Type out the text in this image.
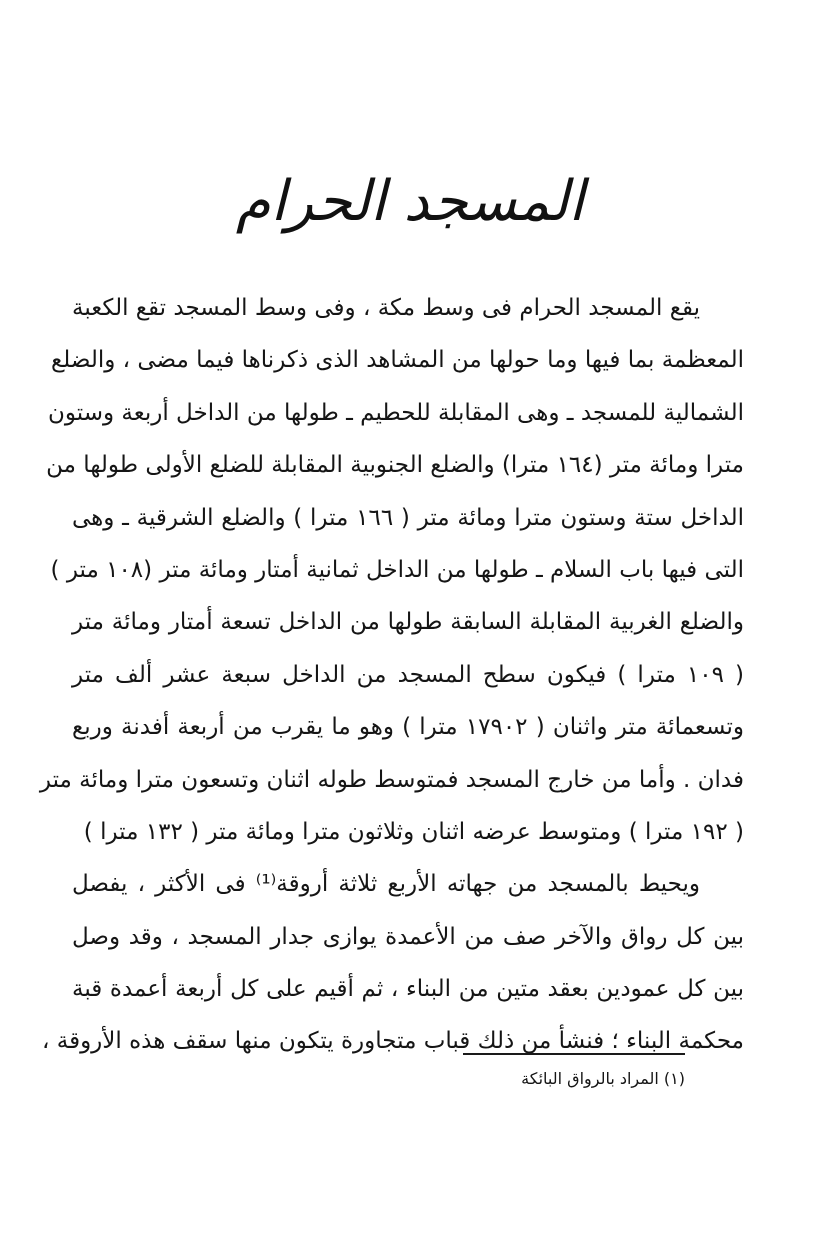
المسجد الحرام
يقع المسجد الحرام فى وسط مكة ، وفى وسط المسجد تقع الكعبة
المعظمة بما فيها وما حولها من المشاهد الذى ذكرناها فيما مضى ، والضلع
الشمالية للمسجد ـ وهى المقابلة للحطيم ـ طولها من الداخل أربعة وستون
مترا ومائة متر (١٦٤ مترا) والضلع الجنوبية المقابلة للضلع الأولى طولها من
الداخل ستة وستون مترا ومائة متر ( ١٦٦ مترا ) والضلع الشرقية ـ وهى
التى فيها باب السلام ـ طولها من الداخل ثمانية أمتار ومائة متر (١٠٨ متر )
والضلع الغربية المقابلة السابقة طولها من الداخل تسعة أمتار ومائة متر
( ١٠٩ مترا ) فيكون سطح المسجد من الداخل سبعة عشر ألف متر
وتسعمائة متر واثنان ( ١٧٩٠٢ مترا ) وهو ما يقرب من أربعة أفدنة وربع
فدان . وأما من خارج المسجد فمتوسط طوله اثنان وتسعون مترا ومائة متر
( ١٩٢ مترا ) ومتوسط عرضه اثنان وثلاثون مترا ومائة متر ( ١٣٢ مترا )
ويحيط بالمسجد من جهاته الأربع ثلاثة أروقة⁽¹⁾ فى الأكثر ، يفصل
بين كل رواق والآخر صف من الأعمدة يوازى جدار المسجد ، وقد وصل
بين كل عمودين بعقد متين من البناء ، ثم أقيم على كل أربعة أعمدة قبة
محكمة البناء ؛ فنشأ من ذلك قباب متجاورة يتكون منها سقف هذه الأروقة ،
(١) المراد بالرواق البائكة
